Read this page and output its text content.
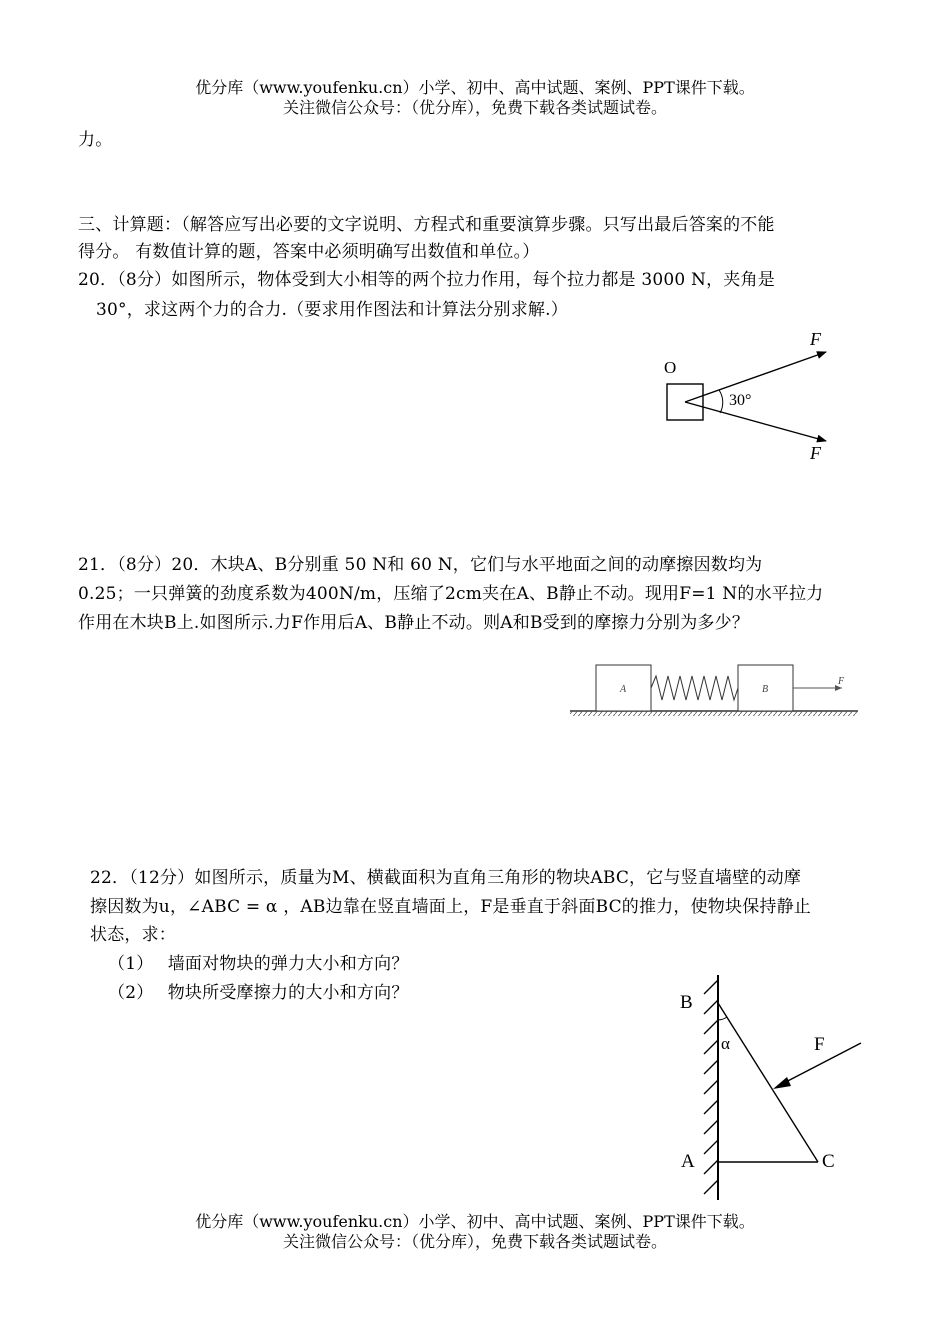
优分库（www.youfenku.cn）小学、初中、高中试题、案例、PPT课件下载。
关注微信公众号：（优分库），免费下载各类试题试卷。
力。
三、计算题：（解答应写出必要的文字说明、方程式和重要演算步骤。只写出最后答案的不能
得分。 有数值计算的题，答案中必须明确写出数值和单位。）
20．（8分）如图所示，物体受到大小相等的两个拉力作用，每个拉力都是 3000 N，夹角是
30°，求这两个力的合力.（要求用作图法和计算法分别求解.）
O
F
F
30°
21．（8分）20．木块A、B分别重 50 N和 60 N，它们与水平地面之间的动摩擦因数均为
0.25；一只弹簧的劲度系数为400N/m，压缩了2cm夹在A、B静止不动。现用F=1 N的水平拉力
作用在木块B上.如图所示.力F作用后A、B静止不动。则A和B受到的摩擦力分别为多少？
A	B
F
22．（12分）如图所示，质量为M、横截面积为直角三角形的物块ABC，它与竖直墙壁的动摩
擦因数为u，∠ABC = α ，AB边靠在竖直墙面上，F是垂直于斜面BC的推力，使物块保持静止
状态，求：
（1）　 墙面对物块的弹力大小和方向？
（2）　 物块所受摩擦力的大小和方向？	B
A	C
F
α
优分库（www.youfenku.cn）小学、初中、高中试题、案例、PPT课件下载。
关注微信公众号：（优分库），免费下载各类试题试卷。
